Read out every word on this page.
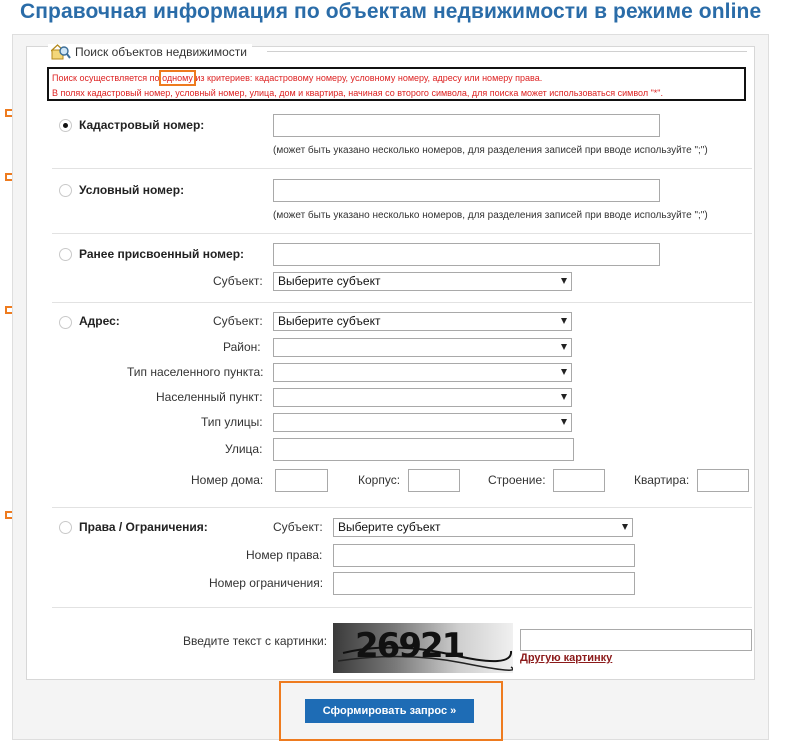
Справочная информация по объектам недвижимости в режиме online
Поиск объектов недвижимости
Поиск осуществляется по одному из критериев: кадастровому номеру, условному номеру, адресу или номеру права.
В полях кадастровый номер, условный номер, улица, дом и квартира, начиная со второго символа, для поиска может использоваться символ "*".
Кадастровый номер:
(может быть указано несколько номеров, для разделения записей при вводе используйте ";")
Условный номер:
(может быть указано несколько номеров, для разделения записей при вводе используйте ";")
Ранее присвоенный номер:
Субъект:	Выберите субъект
Адрес:	Субъект:	Выберите субъект
Район:
Тип населенного пункта:
Населенный пункт:
Тип улицы:
Улица:
Номер дома:	Корпус:	Строение:	Квартира:
Права / Ограничения:	Субъект:	Выберите субъект
Номер права:
Номер ограничения:
Введите текст с картинки: 26921	Другую картинку
Сформировать запрос »
